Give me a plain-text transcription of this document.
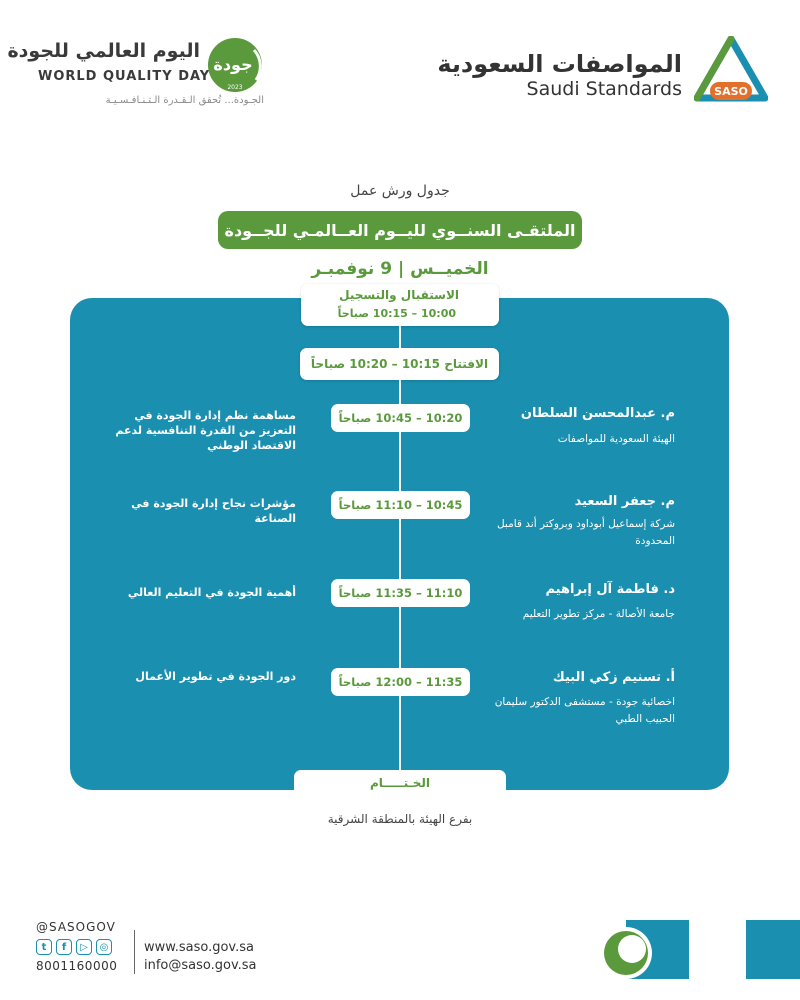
المواصفات السعودية
Saudi Standards	SASO
اليوم العالمي للجودة
WORLD QUALITY DAY
الجـودة... تُحقق الـقـدرة الـتـنـافـسـيـة
جودة
2023
جدول ورش عمل
الملتقـى السنــوي لليــوم العــالمـي للجــودة
الخميــس | 9 نوفمبـر
الاستقبال والتسجيل
10:00 – 10:15 صباحاً
الافتتاح 10:15 – 10:20 صباحاً
10:20 – 10:45 صباحاً	م. عبدالمحسن السلطان
الهيئة السعودية للمواصفات
مساهمة نظم إدارة الجودة في التعزيز من القدرة التنافسية لدعم الاقتصاد الوطني
10:45 – 11:10 صباحاً	م. جعفر السعيد
شركة إسماعيل أبوداود وبروكتر أند قامبل المحدودة
مؤشرات نجاح إدارة الجودة في الصناعة
11:10 – 11:35 صباحاً	د. فاطمة آل إبراهيم
جامعة الأصالة - مركز تطوير التعليم
أهمية الجودة في التعليم العالي
11:35 – 12:00 صباحاً	أ. تسنيم زكي البيك
اخصائية جودة - مستشفى الدكتور سليمان الحبيب الطبي
دور الجودة في تطوير الأعمال
الخـتـــــام
بفرع الهيئة بالمنطقة الشرقية
@SASOGOV
t	f	▷	◎
8001160000
www.saso.gov.sa
info@saso.gov.sa
